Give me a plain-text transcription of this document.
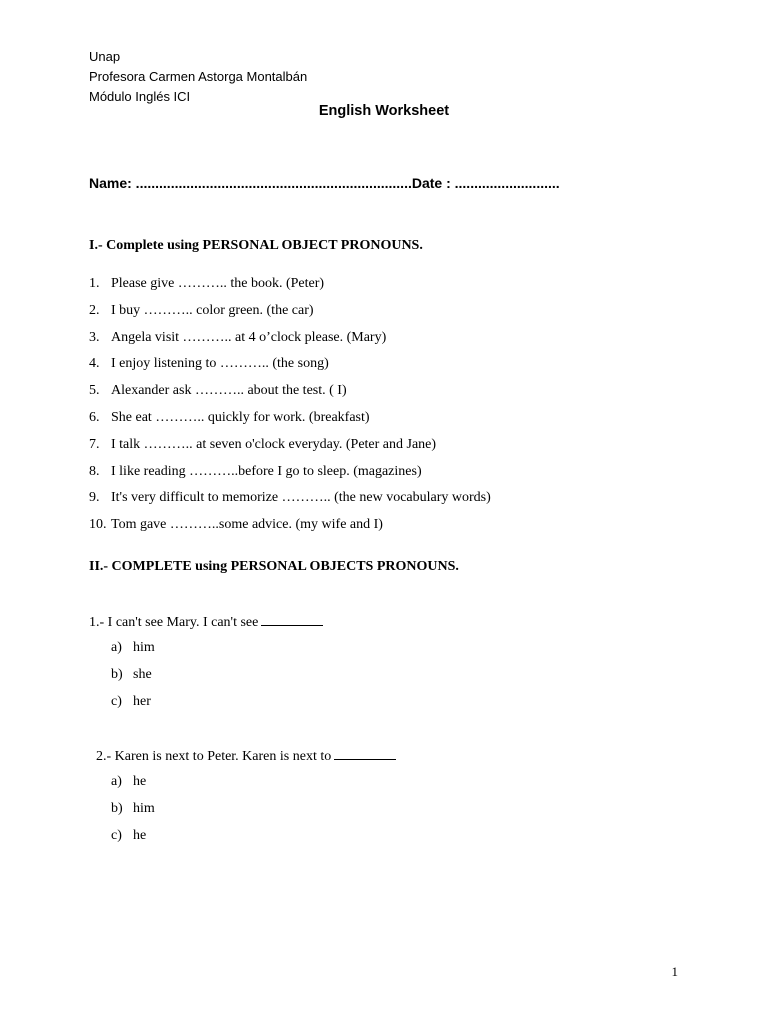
Unap
Profesora Carmen Astorga Montalbán
Módulo Inglés ICI
English Worksheet
Name: .......................................................................Date : ...........................
I.- Complete using PERSONAL OBJECT PRONOUNS.
1. Please give ……….. the book. (Peter)
2. I buy ……….. color green. (the car)
3. Angela visit ……….. at 4 o’clock please. (Mary)
4. I enjoy listening to ……….. (the song)
5. Alexander ask ……….. about the test. ( I)
6. She eat ……….. quickly for work. (breakfast)
7. I talk ……….. at seven o'clock everyday. (Peter and Jane)
8. I like reading ………..before I go to sleep. (magazines)
9. It's very difficult to memorize ……….. (the new vocabulary words)
10. Tom gave ………..some advice. (my wife and I)
II.- COMPLETE using PERSONAL OBJECTS PRONOUNS.
1.- I can't see Mary. I can't see
a) him
b) she
c) her
2.- Karen is next to Peter. Karen is next to
a) he
b) him
c) he
1
